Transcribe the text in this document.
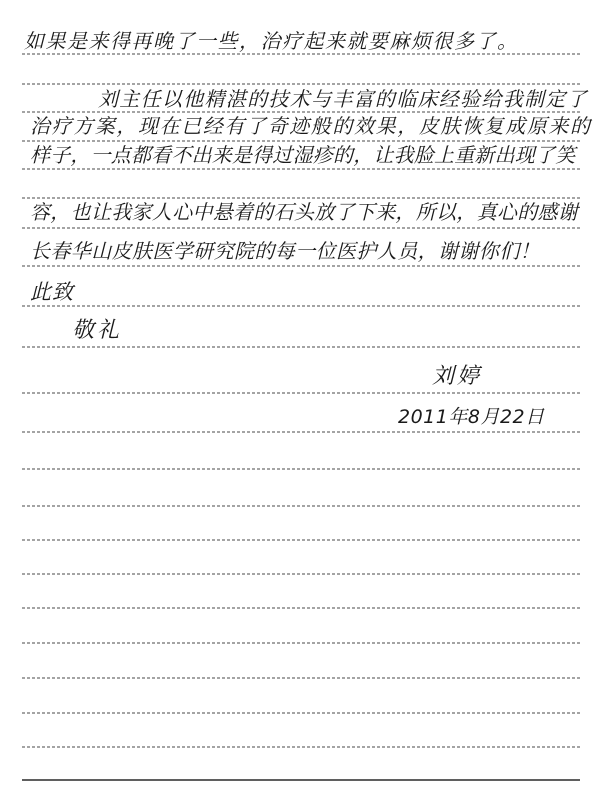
如果是来得再晚了一些，治疗起来就要麻烦很多了。
刘主任以他精湛的技术与丰富的临床经验给我制定了
治疗方案，现在已经有了奇迹般的效果，皮肤恢复成原来的
样子，一点都看不出来是得过湿疹的，让我脸上重新出现了笑
容，也让我家人心中悬着的石头放了下来，所以，真心的感谢
长春华山皮肤医学研究院的每一位医护人员，谢谢你们！
此致
敬礼
刘婷
2011年8月22日
